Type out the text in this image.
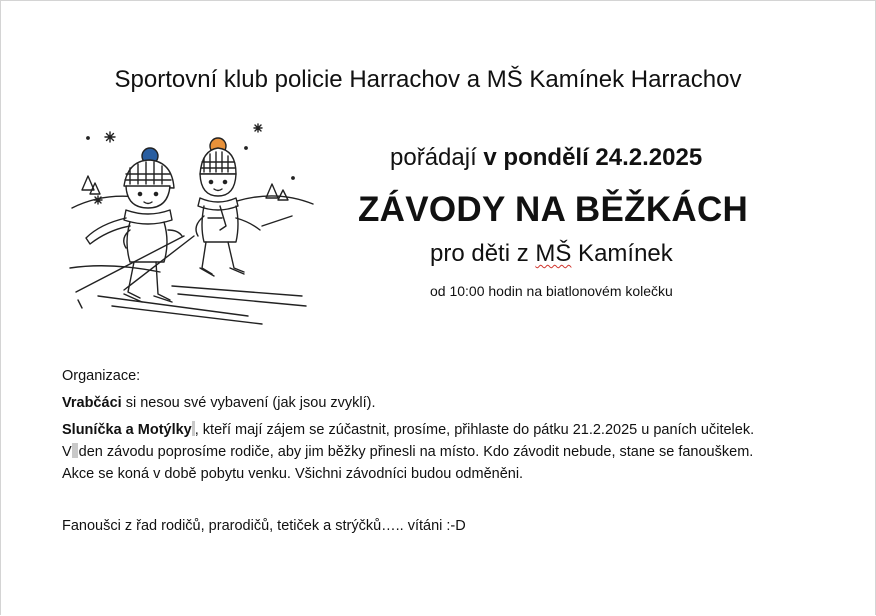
Sportovní klub policie Harrachov a MŠ Kamínek Harrachov
pořádají v pondělí 24.2.2025
ZÁVODY NA BĚŽKÁCH
pro děti z MŠ Kamínek
od 10:00 hodin na biatlonovém kolečku
Organizace:
Vrabčáci si nesou své vybavení (jak jsou zvyklí).
Sluníčka a Motýlky , kteří mají zájem se zúčastnit, prosíme, přihlaste do pátku 21.2.2025 u paních učitelek.
V den závodu poprosíme rodiče, aby jim běžky přinesli na místo. Kdo závodit nebude, stane se fanouškem.
Akce se koná v době pobytu venku. Všichni závodníci budou odměněni.
Fanoušci z řad rodičů, prarodičů, tetiček a strýčků….. vítáni :-D
